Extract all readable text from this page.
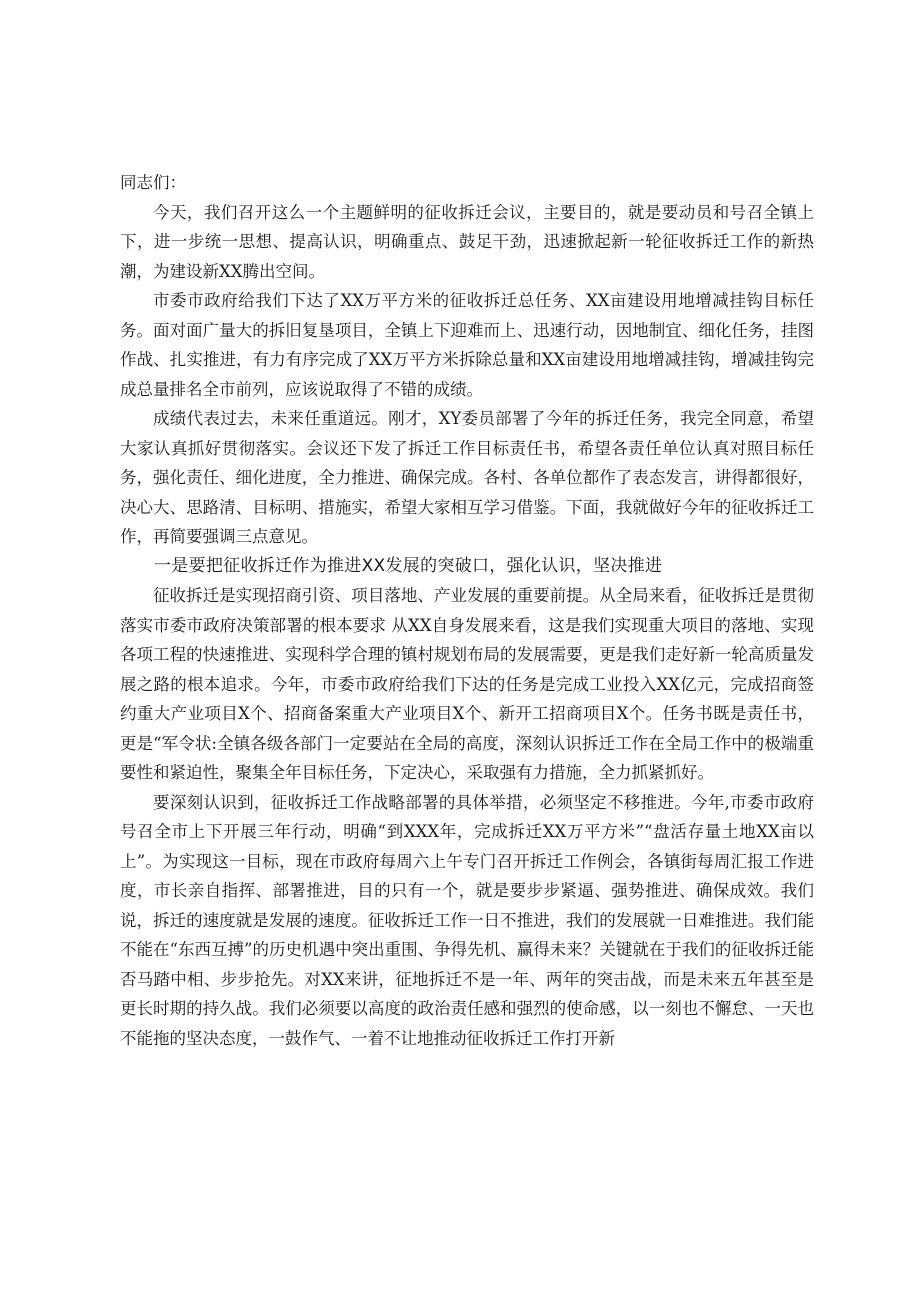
同志们：

今天，我们召开这么一个主题鲜明的征收拆迁会议，主要目的，就是要动员和号召全镇上下，进一步统一思想、提高认识，明确重点、鼓足干劲，迅速掀起新一轮征收拆迁工作的新热潮，为建设新XX腾出空间。

市委市政府给我们下达了XX万平方米的征收拆迁总任务、XX亩建设用地增减挂钩目标任务。面对面广量大的拆旧复垦项目，全镇上下迎难而上、迅速行动，因地制宜、细化任务，挂图作战、扎实推进，有力有序完成了XX万平方米拆除总量和XX亩建设用地增减挂钩，增减挂钩完成总量排名全市前列，应该说取得了不错的成绩。

成绩代表过去，未来任重道远。刚才，XY委员部署了今年的拆迁任务，我完全同意，希望大家认真抓好贯彻落实。会议还下发了拆迁工作目标责任书，希望各责任单位认真对照目标任务，强化责任、细化进度，全力推进、确保完成。各村、各单位都作了表态发言，讲得都很好，决心大、思路清、目标明、措施实，希望大家相互学习借鉴。下面，我就做好今年的征收拆迁工作，再简要强调三点意见。

一是要把征收拆迁作为推进XX发展的突破口，强化认识，坚决推进

征收拆迁是实现招商引资、项目落地、产业发展的重要前提。从全局来看，征收拆迁是贯彻落实市委市政府决策部署的根本要求 从XX自身发展来看，这是我们实现重大项目的落地、实现各项工程的快速推进、实现科学合理的镇村规划布局的发展需要，更是我们走好新一轮高质量发展之路的根本追求。今年，市委市政府给我们下达的任务是完成工业投入XX亿元，完成招商签约重大产业项目X个、招商备案重大产业项目X个、新开工招商项目X个。任务书既是责任书，更是“军令状:全镇各级各部门一定要站在全局的高度，深刻认识拆迁工作在全局工作中的极端重要性和紧迫性，聚集全年目标任务，下定决心，采取强有力措施，全力抓紧抓好。

要深刻认识到，征收拆迁工作战略部署的具体举措，必须坚定不移推进。今年,市委市政府号召全市上下开展三年行动，明确“到XXX年，完成拆迁XX万平方米”“盘活存量土地XX亩以上”。为实现这一目标，现在市政府每周六上午专门召开拆迁工作例会，各镇街每周汇报工作进度，市长亲自指挥、部署推进，目的只有一个，就是要步步紧逼、强势推进、确保成效。我们说，拆迁的速度就是发展的速度。征收拆迁工作一日不推进，我们的发展就一日难推进。我们能不能在“东西互搏”的历史机遇中突出重围、争得先机、赢得未来？关键就在于我们的征收拆迁能否马踏中相、步步抢先。对XX来讲，征地拆迁不是一年、两年的突击战，而是未来五年甚至是更长时期的持久战。我们必须要以高度的政治责任感和强烈的使命感，以一刻也不懈怠、一天也不能拖的坚决态度，一鼓作气、一着不让地推动征收拆迁工作打开新
